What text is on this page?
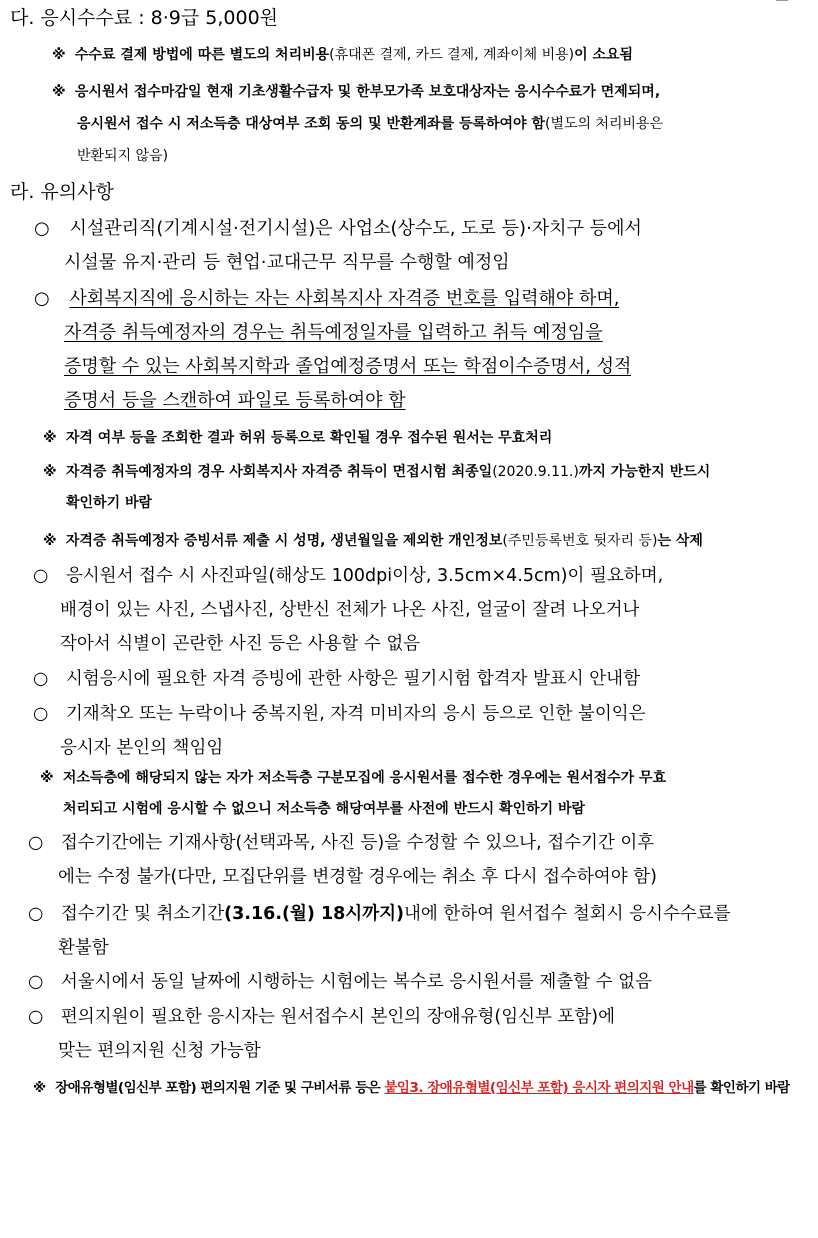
다. 응시수수료 : 8·9급 5,000원
※ 수수료 결제 방법에 따른 별도의 처리비용(휴대폰 결제, 카드 결제, 계좌이체 비용)이 소요됨
※ 응시원서 접수마감일 현재 기초생활수급자 및 한부모가족 보호대상자는 응시수수료가 면제되며,
응시원서 접수 시 저소득층 대상여부 조회 동의 및 반환계좌를 등록하여야 함(별도의 처리비용은
반환되지 않음)
라. 유의사항
○ 시설관리직(기계시설·전기시설)은 사업소(상수도, 도로 등)·자치구 등에서
시설물 유지·관리 등 현업·교대근무 직무를 수행할 예정임
○ 사회복지직에 응시하는 자는 사회복지사 자격증 번호를 입력해야 하며,
자격증 취득예정자의 경우는 취득예정일자를 입력하고 취득 예정임을
증명할 수 있는 사회복지학과 졸업예정증명서 또는 학점이수증명서, 성적
증명서 등을 스캔하여 파일로 등록하여야 함
※ 자격 여부 등을 조회한 결과 허위 등록으로 확인될 경우 접수된 원서는 무효처리
※ 자격증 취득예정자의 경우 사회복지사 자격증 취득이 면접시험 최종일(2020.9.11.)까지 가능한지 반드시
확인하기 바람
※ 자격증 취득예정자 증빙서류 제출 시 성명, 생년월일을 제외한 개인정보(주민등록번호 뒷자리 등)는 삭제
○ 응시원서 접수 시 사진파일(해상도 100dpi이상, 3.5cm×4.5cm)이 필요하며,
배경이 있는 사진, 스냅사진, 상반신 전체가 나온 사진, 얼굴이 잘려 나오거나
작아서 식별이 곤란한 사진 등은 사용할 수 없음
○ 시험응시에 필요한 자격 증빙에 관한 사항은 필기시험 합격자 발표시 안내함
○ 기재착오 또는 누락이나 중복지원, 자격 미비자의 응시 등으로 인한 불이익은
응시자 본인의 책임임
※ 저소득층에 해당되지 않는 자가 저소득층 구분모집에 응시원서를 접수한 경우에는 원서접수가 무효
처리되고 시험에 응시할 수 없으니 저소득층 해당여부를 사전에 반드시 확인하기 바람
○ 접수기간에는 기재사항(선택과목, 사진 등)을 수정할 수 있으나, 접수기간 이후
에는 수정 불가(다만, 모집단위를 변경할 경우에는 취소 후 다시 접수하여야 함)
○ 접수기간 및 취소기간(3.16.(월) 18시까지)내에 한하여 원서접수 철회시 응시수수료를
환불함
○ 서울시에서 동일 날짜에 시행하는 시험에는 복수로 응시원서를 제출할 수 없음
○ 편의지원이 필요한 응시자는 원서접수시 본인의 장애유형(임신부 포함)에
맞는 편의지원 신청 가능함
※ 장애유형별(임신부 포함) 편의지원 기준 및 구비서류 등은 붙임3. 장애유형별(임신부 포함) 응시자 편의지원 안내를 확인하기 바람
